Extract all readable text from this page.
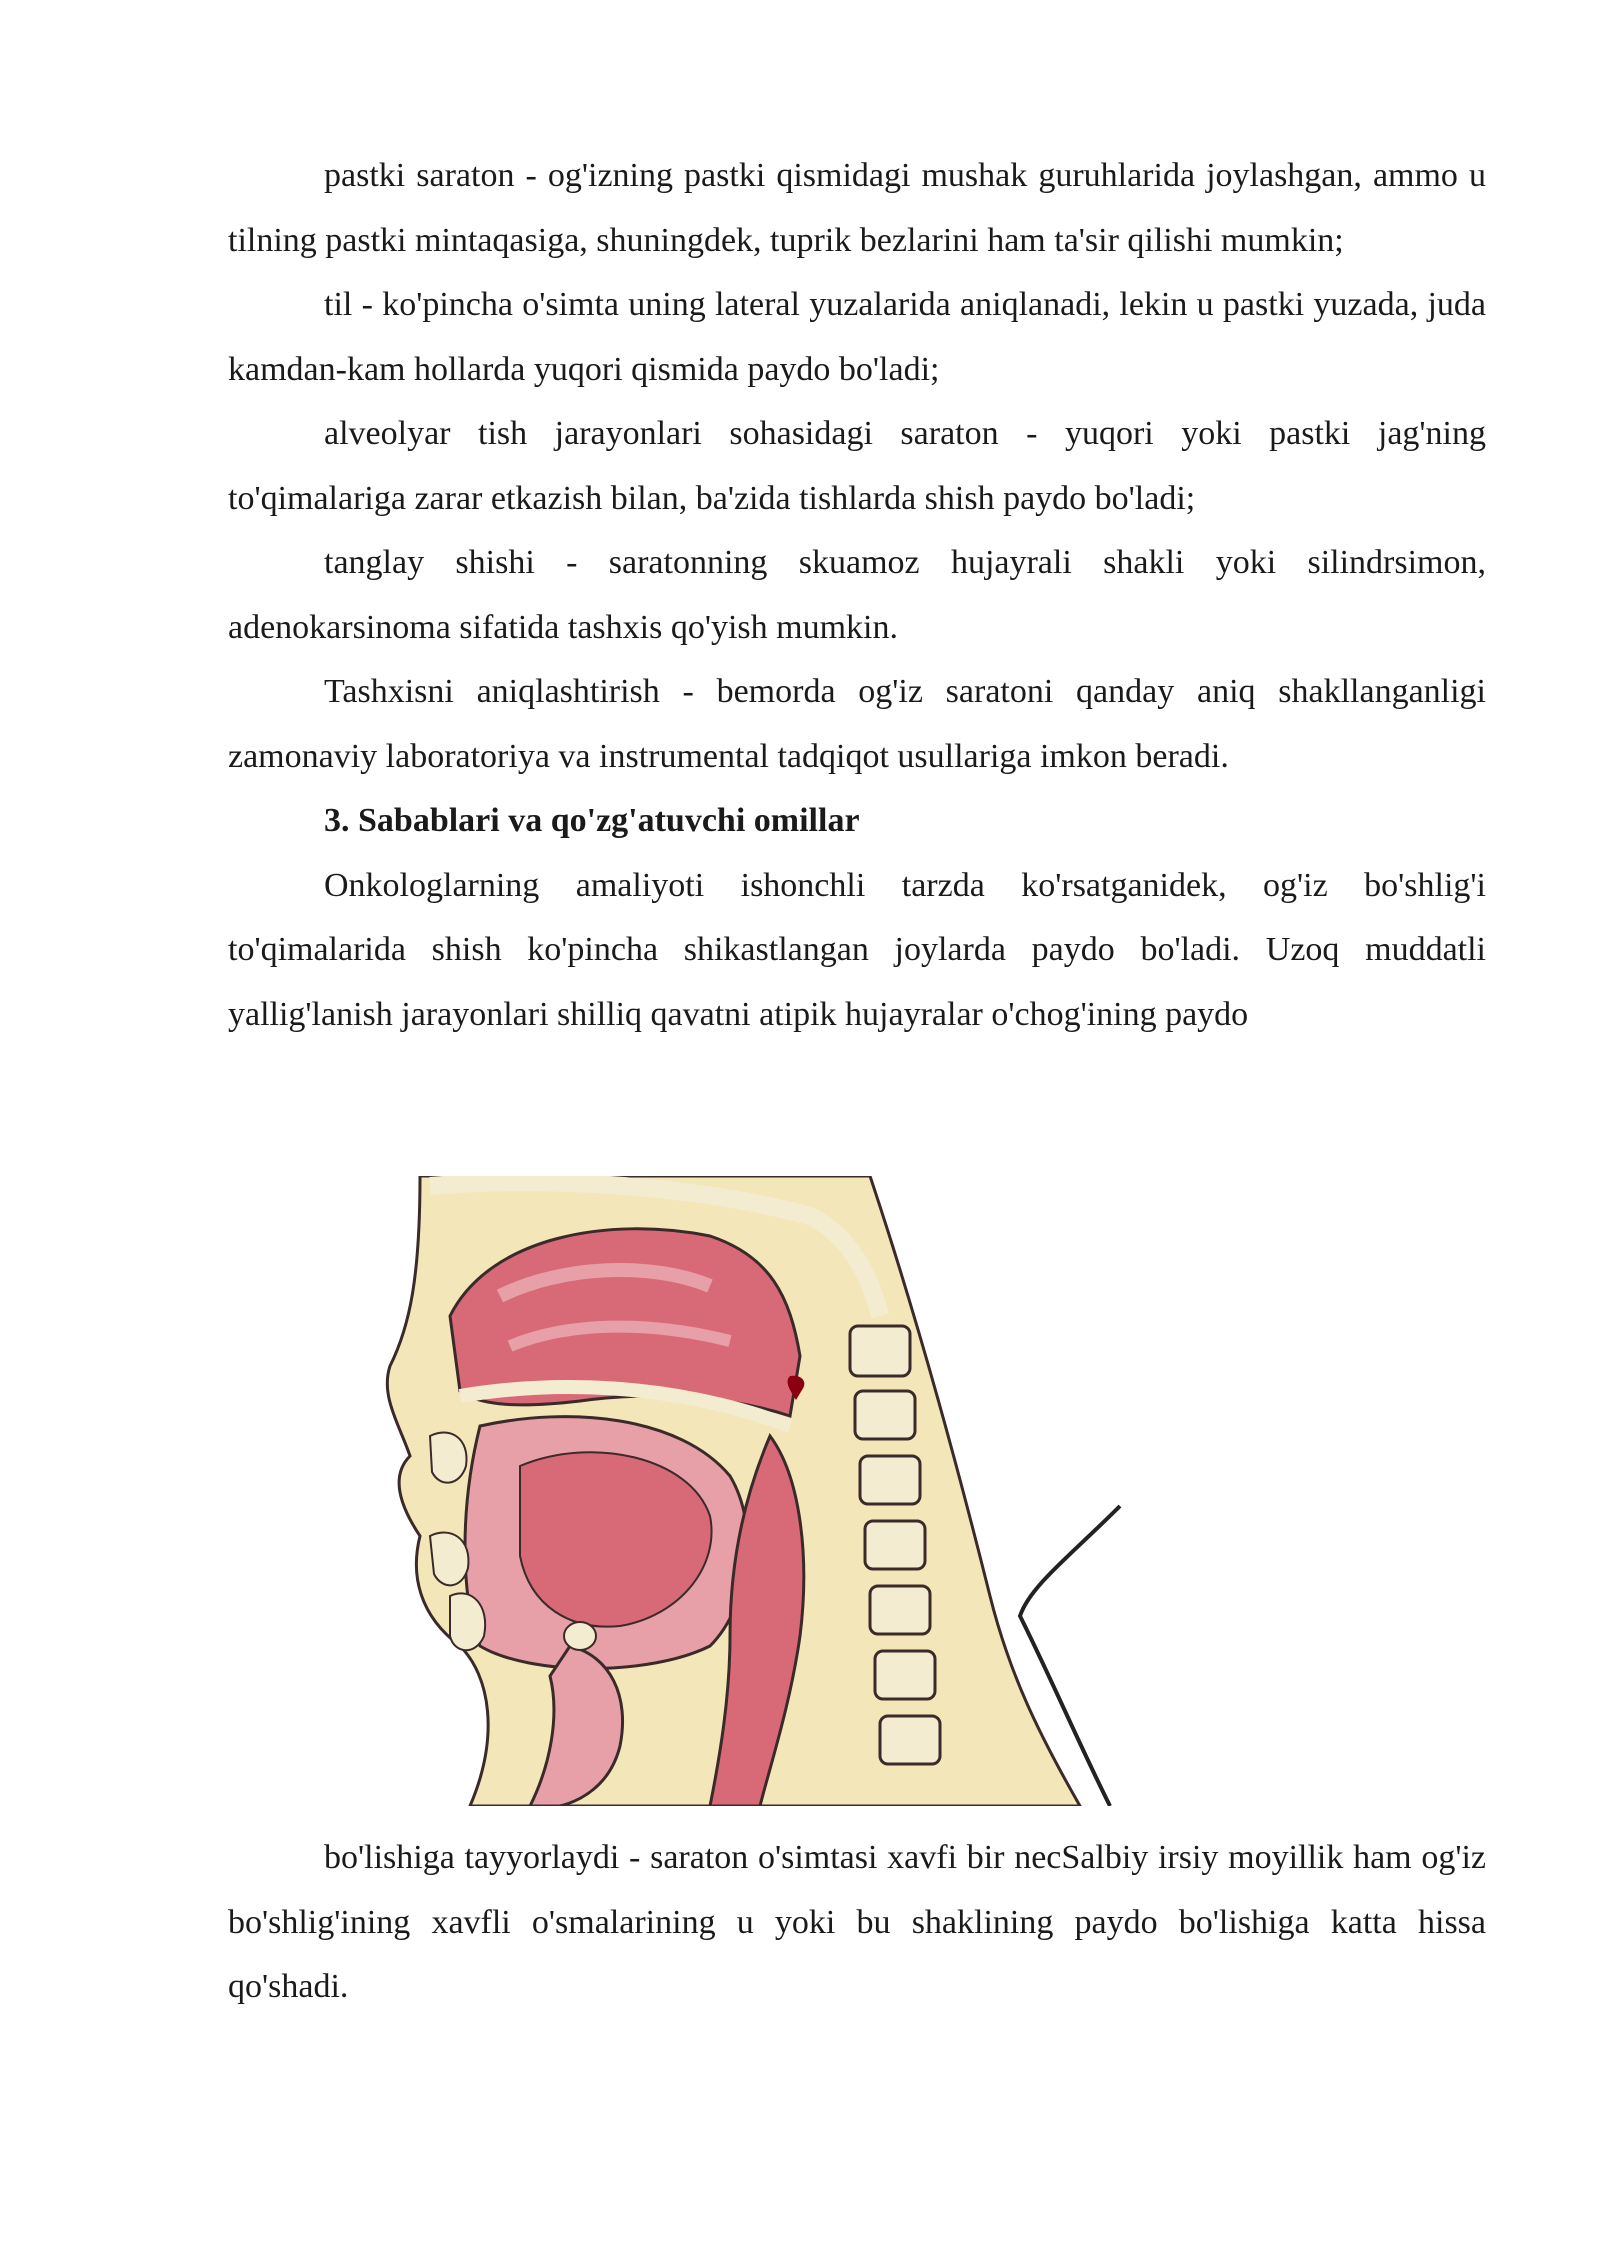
pastki saraton - og'izning pastki qismidagi mushak guruhlarida joylashgan, ammo u tilning pastki mintaqasiga, shuningdek, tuprik bezlarini ham ta'sir qilishi mumkin;

til - ko'pincha o'simta uning lateral yuzalarida aniqlanadi, lekin u pastki yuzada, juda kamdan-kam hollarda yuqori qismida paydo bo'ladi;

alveolyar tish jarayonlari sohasidagi saraton - yuqori yoki pastki jag'ning to'qimalariga zarar etkazish bilan, ba'zida tishlarda shish paydo bo'ladi;

tanglay shishi - saratonning skuamoz hujayrali shakli yoki silindrsimon, adenokarsinoma sifatida tashxis qo'yish mumkin.

Tashxisni aniqlashtirish - bemorda og'iz saratoni qanday aniq shakllanganligi zamonaviy laboratoriya va instrumental tadqiqot usullariga imkon beradi.

3. Sabablari va qo'zg'atuvchi omillar

Onkologlarning amaliyoti ishonchli tarzda ko'rsatganidek, og'iz bo'shlig'i to'qimalarida shish ko'pincha shikastlangan joylarda paydo bo'ladi. Uzoq muddatli yallig'lanish jarayonlari shilliq qavatni atipik hujayralar o'chog'ining paydo

bo'lishiga tayyorlaydi - saraton o'simtasi xavfi bir necSalbiy irsiy moyillik ham og'iz bo'shlig'ining xavfli o'smalarining u yoki bu shaklining paydo bo'lishiga katta hissa qo'shadi.
